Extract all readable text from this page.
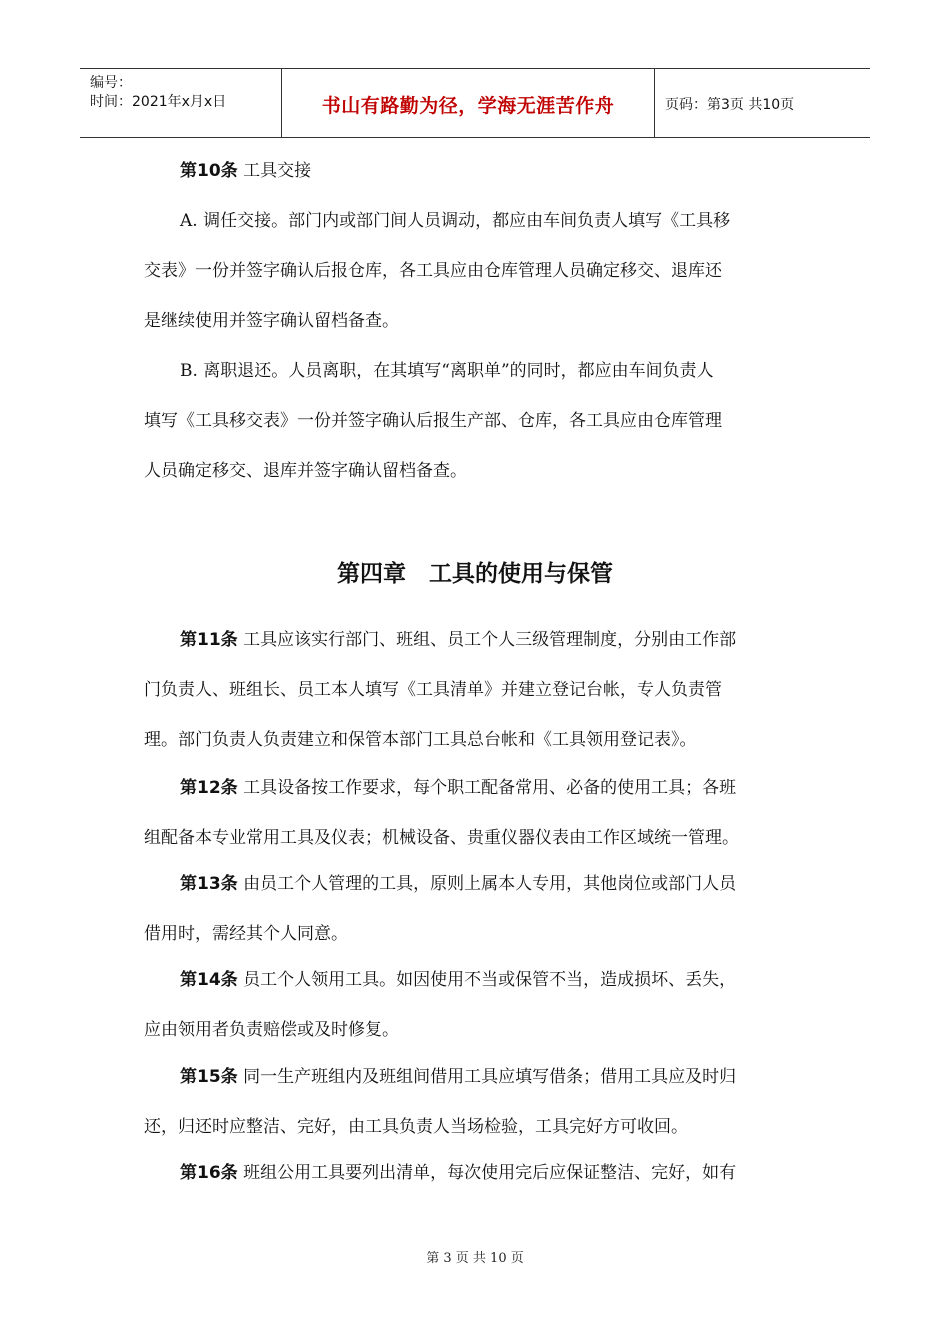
编号：
时间：2021年x月x日	书山有路勤为径，学海无涯苦作舟	页码：第3页 共10页
第10条 工具交接
A. 调任交接。部门内或部门间人员调动，都应由车间负责人填写《工具移
交表》一份并签字确认后报仓库，各工具应由仓库管理人员确定移交、退库还
是继续使用并签字确认留档备查。
B. 离职退还。人员离职，在其填写“离职单”的同时，都应由车间负责人
填写《工具移交表》一份并签字确认后报生产部、仓库，各工具应由仓库管理
人员确定移交、退库并签字确认留档备查。
第四章　工具的使用与保管
第11条 工具应该实行部门、班组、员工个人三级管理制度，分别由工作部
门负责人、班组长、员工本人填写《工具清单》并建立登记台帐，专人负责管
理。部门负责人负责建立和保管本部门工具总台帐和《工具领用登记表》。
第12条 工具设备按工作要求，每个职工配备常用、必备的使用工具；各班
组配备本专业常用工具及仪表；机械设备、贵重仪器仪表由工作区域统一管理。
第13条 由员工个人管理的工具，原则上属本人专用，其他岗位或部门人员
借用时，需经其个人同意。
第14条 员工个人领用工具。如因使用不当或保管不当，造成损坏、丢失，
应由领用者负责赔偿或及时修复。
第15条 同一生产班组内及班组间借用工具应填写借条；借用工具应及时归
还，归还时应整洁、完好，由工具负责人当场检验，工具完好方可收回。
第16条 班组公用工具要列出清单，每次使用完后应保证整洁、完好，如有
第 3 页 共 10 页
